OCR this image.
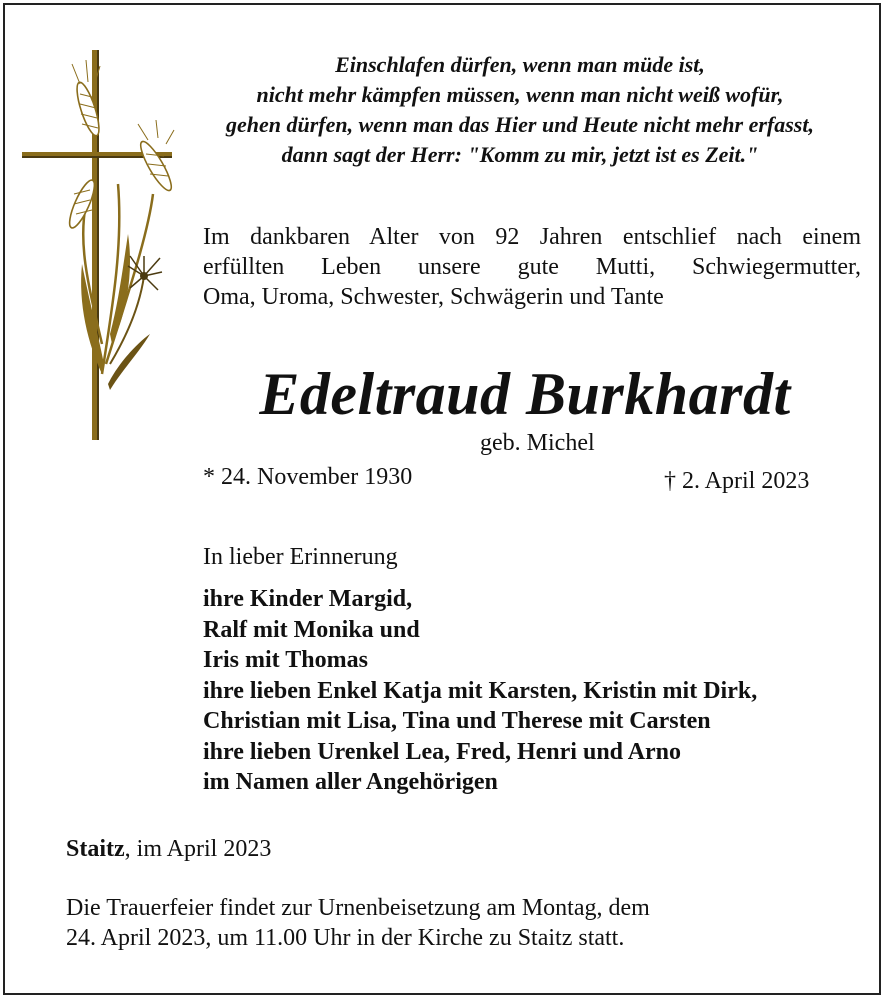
Einschlafen dürfen, wenn man müde ist,
nicht mehr kämpfen müssen, wenn man nicht weiß wofür,
gehen dürfen, wenn man das Hier und Heute nicht mehr erfasst,
dann sagt der Herr: "Komm zu mir, jetzt ist es Zeit."
Im dankbaren Alter von 92 Jahren entschlief nach einem
erfüllten Leben unsere gute Mutti, Schwiegermutter,
Oma, Uroma, Schwester, Schwägerin und Tante
Edeltraud Burkhardt
geb. Michel
* 24. November 1930	† 2. April 2023
In lieber Erinnerung
ihre Kinder Margid,
Ralf mit Monika und
Iris mit Thomas
ihre lieben Enkel Katja mit Karsten, Kristin mit Dirk,
Christian mit Lisa, Tina und Therese mit Carsten
ihre lieben Urenkel Lea, Fred, Henri und Arno
im Namen aller Angehörigen
Staitz, im April 2023
Die Trauerfeier findet zur Urnenbeisetzung am Montag, dem
24. April 2023, um 11.00 Uhr in der Kirche zu Staitz statt.
